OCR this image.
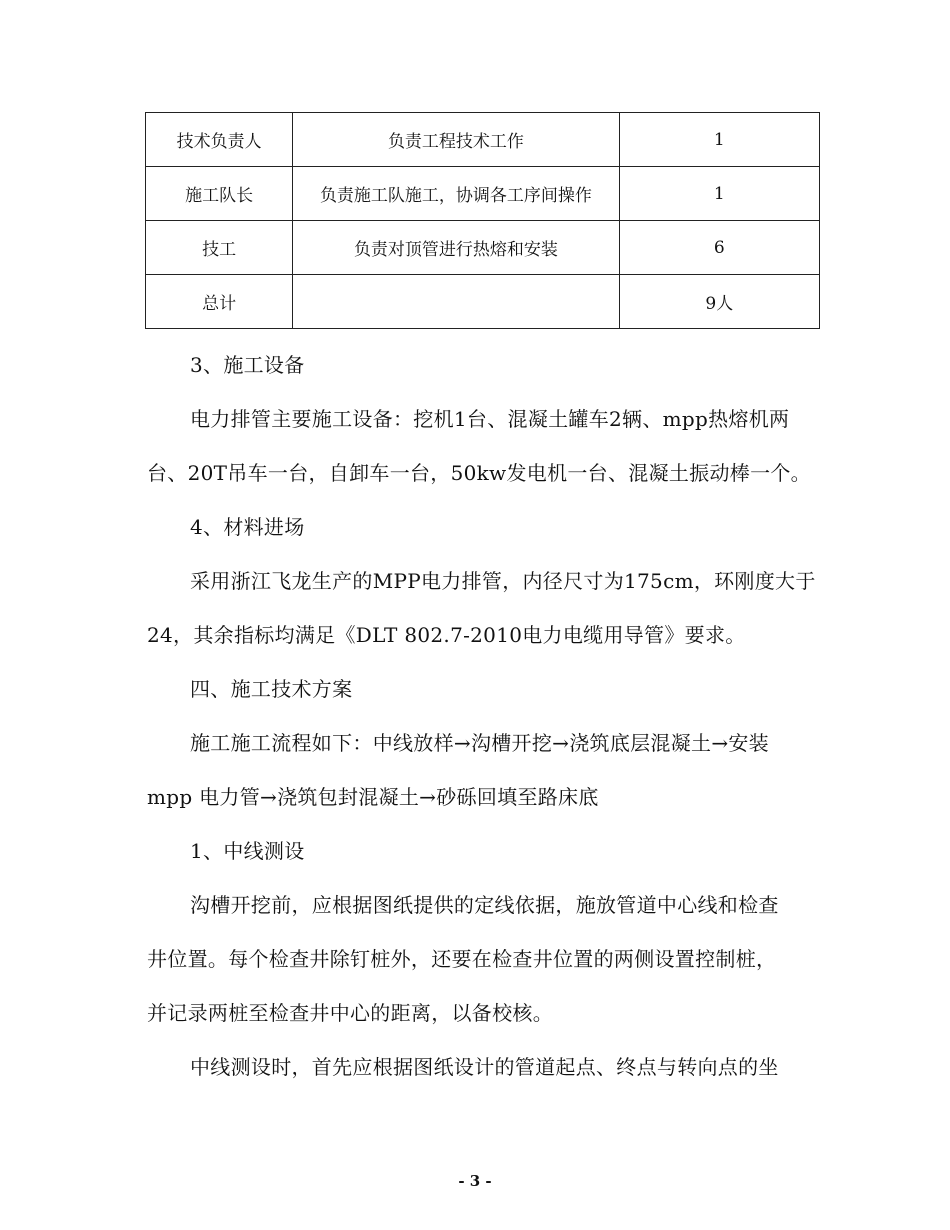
技术负责人	负责工程技术工作	1
施工队长	负责施工队施工，协调各工序间操作	1
技工	负责对顶管进行热熔和安装	6
总计		9人

3、施工设备

电力排管主要施工设备：挖机1台、混凝土罐车2辆、mpp热熔机两

台、20T吊车一台，自卸车一台，50kw发电机一台、混凝土振动棒一个。

4、材料进场

采用浙江飞龙生产的MPP电力排管，内径尺寸为175cm，环刚度大于

24，其余指标均满足《DLT 802.7-2010电力电缆用导管》要求。

四、施工技术方案

施工施工流程如下：中线放样→沟槽开挖→浇筑底层混凝土→安装

mpp 电力管→浇筑包封混凝土→砂砾回填至路床底

1、中线测设

沟槽开挖前，应根据图纸提供的定线依据，施放管道中心线和检查

井位置。每个检查井除钉桩外，还要在检查井位置的两侧设置控制桩，

并记录两桩至检查井中心的距离，以备校核。

中线测设时，首先应根据图纸设计的管道起点、终点与转向点的坐

- 3 -
